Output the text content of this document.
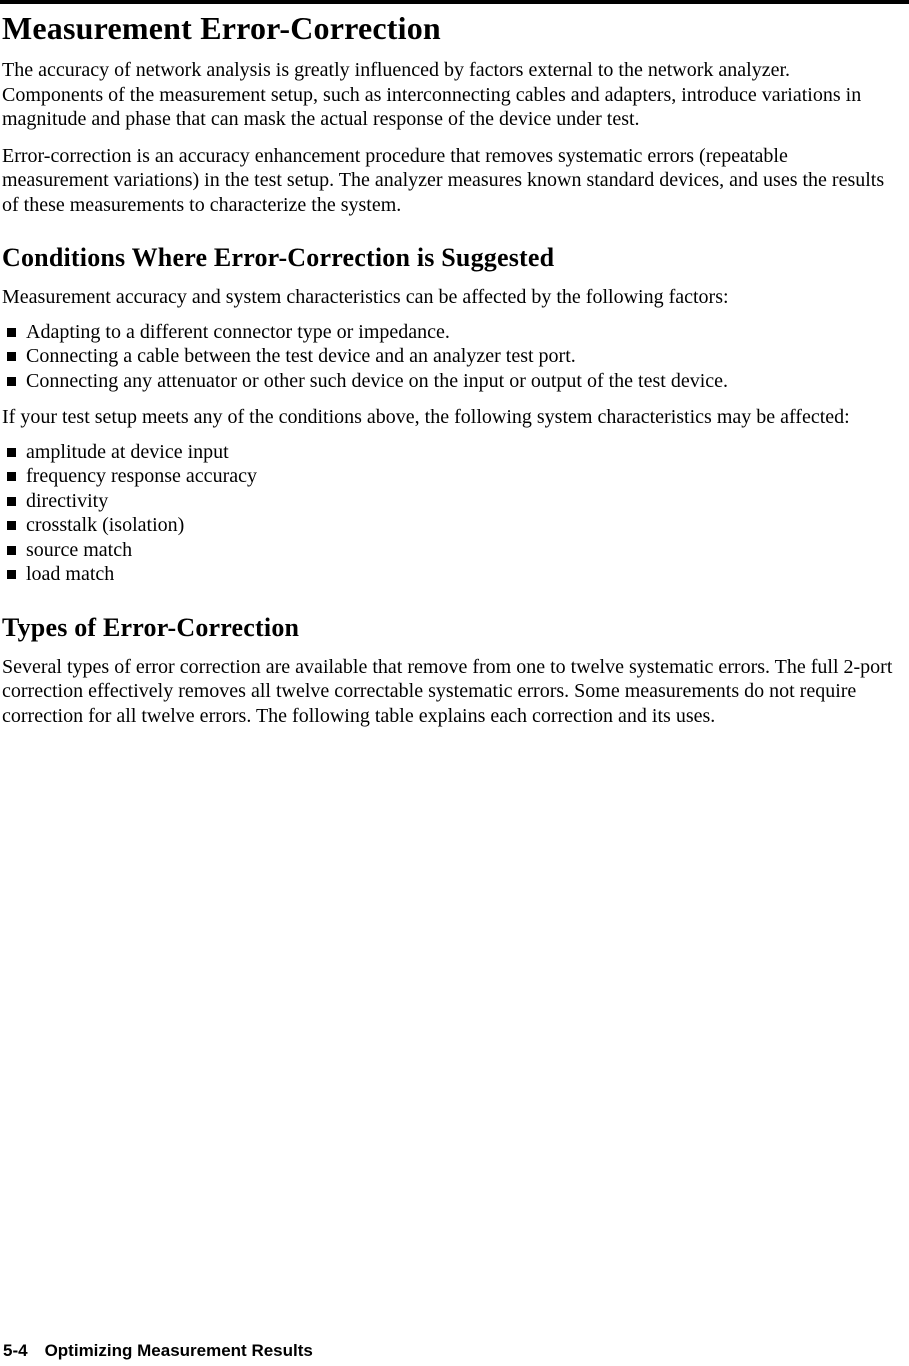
Measurement Error-Correction

The accuracy of network analysis is greatly influenced by factors external to the network analyzer. Components of the measurement setup, such as interconnecting cables and adapters, introduce variations in magnitude and phase that can mask the actual response of the device under test.

Error-correction is an accuracy enhancement procedure that removes systematic errors (repeatable measurement variations) in the test setup. The analyzer measures known standard devices, and uses the results of these measurements to characterize the system.

Conditions Where Error-Correction is Suggested

Measurement accuracy and system characteristics can be affected by the following factors:

Adapting to a different connector type or impedance.
Connecting a cable between the test device and an analyzer test port.
Connecting any attenuator or other such device on the input or output of the test device.

If your test setup meets any of the conditions above, the following system characteristics may be affected:

amplitude at device input
frequency response accuracy
directivity
crosstalk (isolation)
source match
load match
Types of Error-Correction

Several types of error correction are available that remove from one to twelve systematic errors. The full 2-port correction effectively removes all twelve correctable systematic errors. Some measurements do not require correction for all twelve errors. The following table explains each correction and its uses.

5-4 Optimizing Measurement Results
